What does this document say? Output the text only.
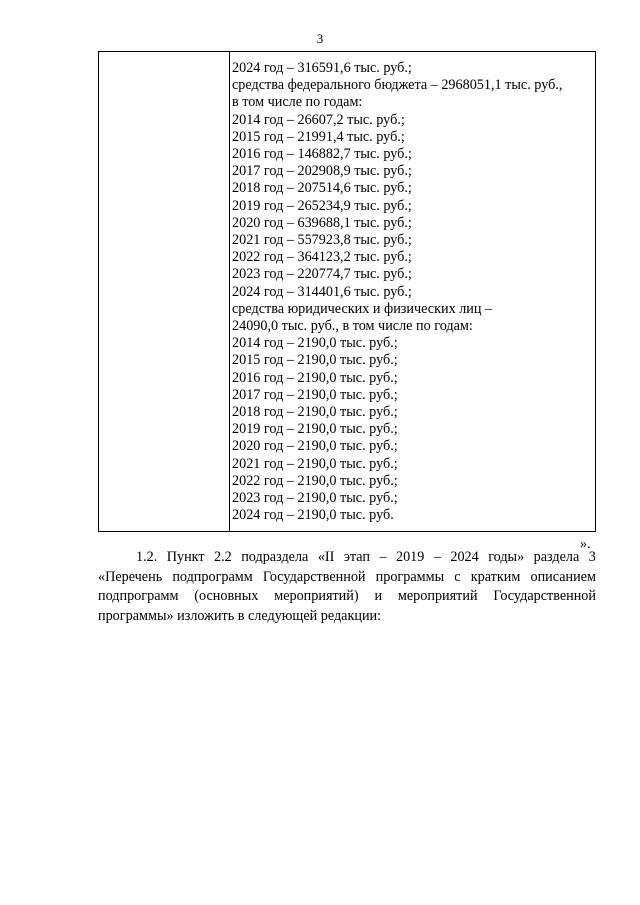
3
2024 год – 316591,6 тыс. руб.;
средства федерального бюджета – 2968051,1 тыс. руб.,
в том числе по годам:
2014 год – 26607,2 тыс. руб.;
2015 год – 21991,4 тыс. руб.;
2016 год – 146882,7 тыс. руб.;
2017 год – 202908,9 тыс. руб.;
2018 год – 207514,6 тыс. руб.;
2019 год – 265234,9 тыс. руб.;
2020 год – 639688,1 тыс. руб.;
2021 год – 557923,8 тыс. руб.;
2022 год – 364123,2 тыс. руб.;
2023 год – 220774,7 тыс. руб.;
2024 год – 314401,6 тыс. руб.;
средства юридических и физических лиц –
24090,0 тыс. руб., в том числе по годам:
2014 год – 2190,0 тыс. руб.;
2015 год – 2190,0 тыс. руб.;
2016 год – 2190,0 тыс. руб.;
2017 год – 2190,0 тыс. руб.;
2018 год – 2190,0 тыс. руб.;
2019 год – 2190,0 тыс. руб.;
2020 год – 2190,0 тыс. руб.;
2021 год – 2190,0 тыс. руб.;
2022 год – 2190,0 тыс. руб.;
2023 год – 2190,0 тыс. руб.;
2024 год – 2190,0 тыс. руб.
».
1.2. Пункт 2.2 подраздела «II этап – 2019 – 2024 годы» раздела 3
«Перечень подпрограмм Государственной программы с кратким описанием
подпрограмм (основных мероприятий) и мероприятий Государственной
программы» изложить в следующей редакции:
